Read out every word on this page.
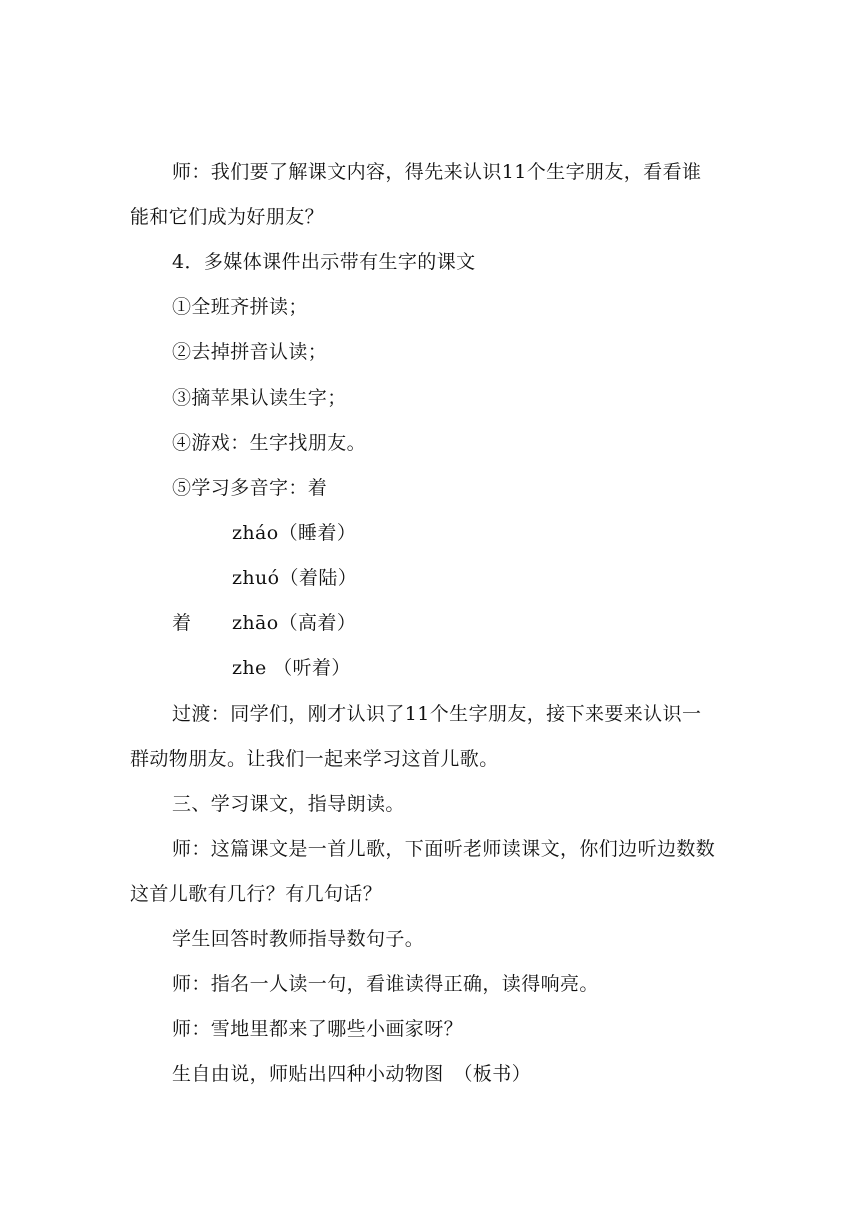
师：我们要了解课文内容，得先来认识11个生字朋友，看看谁
能和它们成为好朋友？
4．多媒体课件出示带有生字的课文
①全班齐拼读；
②去掉拼音认读；
③摘苹果认读生字；
④游戏：生字找朋友。
⑤学习多音字：着
zháo（睡着）
zhuó（着陆）
着 zhāo（高着）
zhe （听着）
过渡：同学们，刚才认识了11个生字朋友，接下来要来认识一
群动物朋友。让我们一起来学习这首儿歌。
三、学习课文，指导朗读。
师：这篇课文是一首儿歌，下面听老师读课文，你们边听边数数
这首儿歌有几行？有几句话？
学生回答时教师指导数句子。
师：指名一人读一句，看谁读得正确，读得响亮。
师：雪地里都来了哪些小画家呀？
生自由说，师贴出四种小动物图　（板书）
